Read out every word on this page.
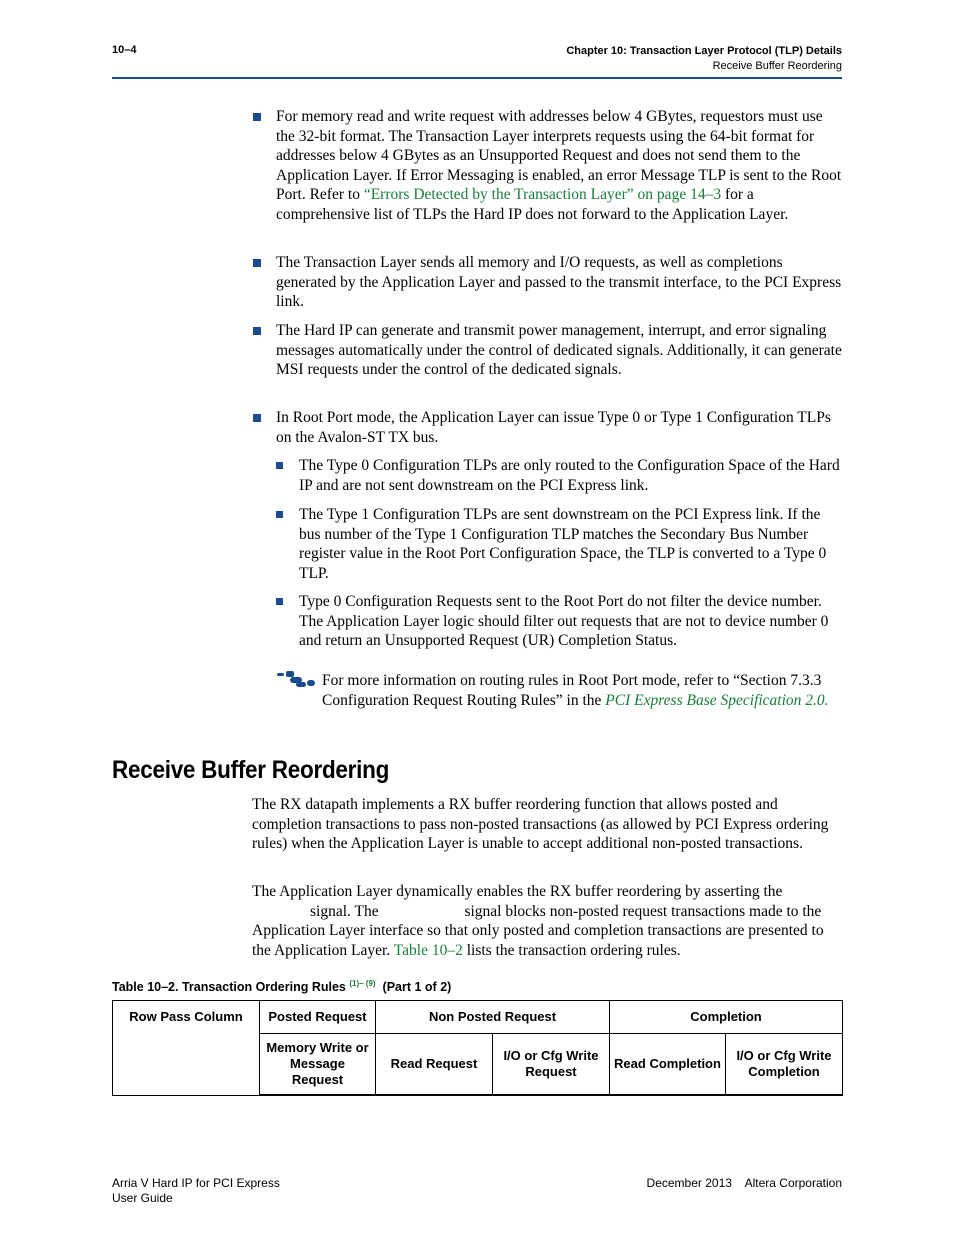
10–4	Chapter 10: Transaction Layer Protocol (TLP) Details
Receive Buffer Reordering
For memory read and write request with addresses below 4 GBytes, requestors must use the 32-bit format. The Transaction Layer interprets requests using the 64-bit format for addresses below 4 GBytes as an Unsupported Request and does not send them to the Application Layer. If Error Messaging is enabled, an error Message TLP is sent to the Root Port. Refer to “Errors Detected by the Transaction Layer” on page 14–3 for a comprehensive list of TLPs the Hard IP does not forward to the Application Layer.
The Transaction Layer sends all memory and I/O requests, as well as completions generated by the Application Layer and passed to the transmit interface, to the PCI Express link.
The Hard IP can generate and transmit power management, interrupt, and error signaling messages automatically under the control of dedicated signals. Additionally, it can generate MSI requests under the control of the dedicated signals.
In Root Port mode, the Application Layer can issue Type 0 or Type 1 Configuration TLPs on the Avalon-ST TX bus.
The Type 0 Configuration TLPs are only routed to the Configuration Space of the Hard IP and are not sent downstream on the PCI Express link.
The Type 1 Configuration TLPs are sent downstream on the PCI Express link. If the bus number of the Type 1 Configuration TLP matches the Secondary Bus Number register value in the Root Port Configuration Space, the TLP is converted to a Type 0 TLP.
Type 0 Configuration Requests sent to the Root Port do not filter the device number. The Application Layer logic should filter out requests that are not to device number 0 and return an Unsupported Request (UR) Completion Status.
For more information on routing rules in Root Port mode, refer to “Section 7.3.3 Configuration Request Routing Rules” in the PCI Express Base Specification 2.0.
Receive Buffer Reordering
The RX datapath implements a RX buffer reordering function that allows posted and completion transactions to pass non-posted transactions (as allowed by PCI Express ordering rules) when the Application Layer is unable to accept additional non-posted transactions.
The Application Layer dynamically enables the RX buffer reordering by asserting the
signal. The	signal blocks non-posted request transactions made to the Application Layer interface so that only posted and completion transactions are presented to the Application Layer. Table 10–2 lists the transaction ordering rules.
Table 10–2. Transaction Ordering Rules $^{(1)- (9)}$ (Part 1 of 2)
Row Pass Column	Posted Request	Non Posted Request		Completion	
	Memory Write or Message Request	Read Request	I/O or Cfg Write Request	Read Completion	I/O or Cfg Write Completion
Arria V Hard IP for PCI Express
User Guide
December 2013    Altera Corporation
